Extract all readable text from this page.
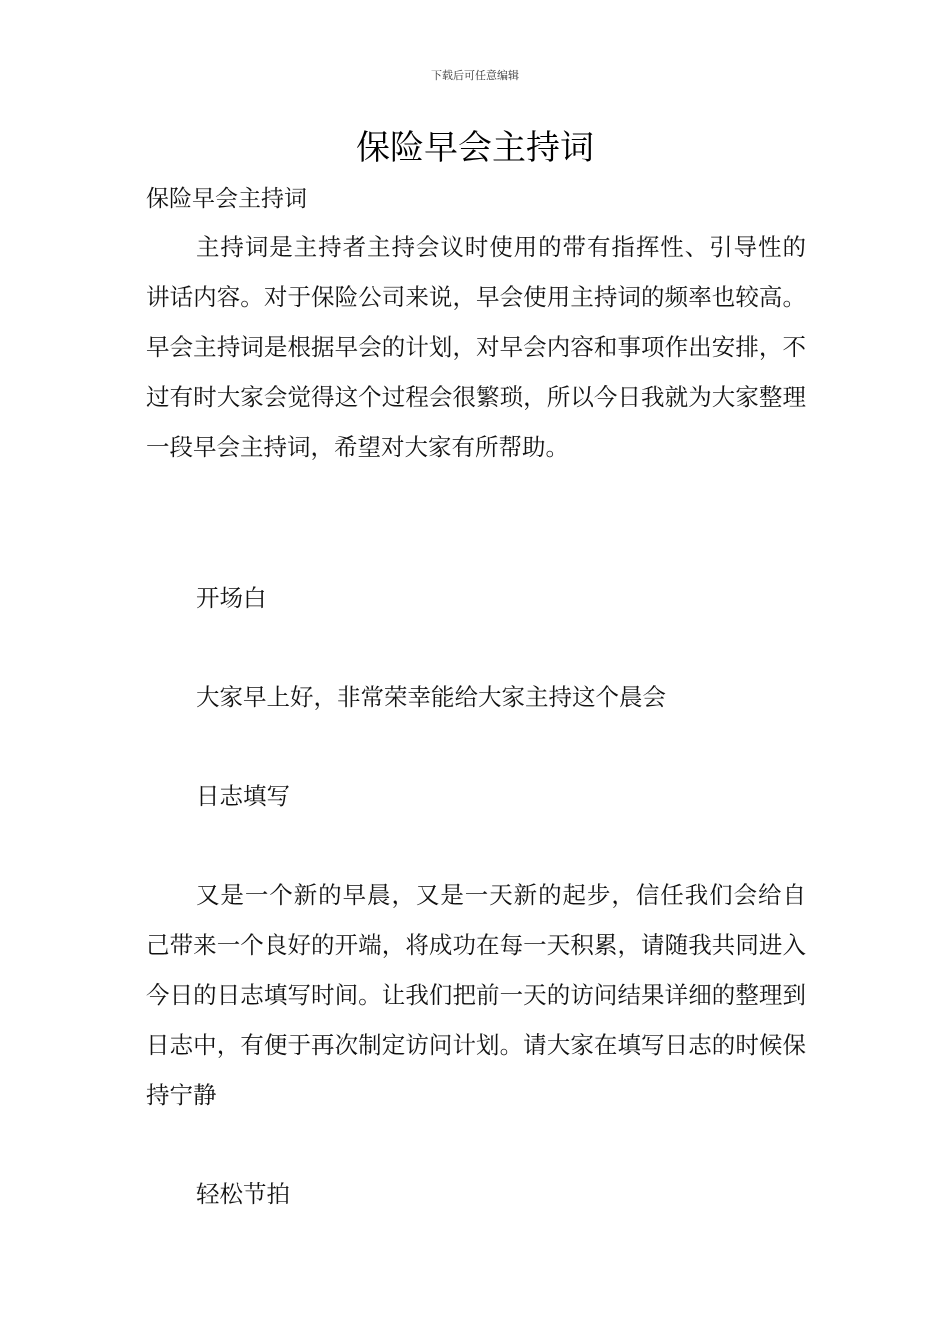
下载后可任意编辑
保险早会主持词
保险早会主持词

主持词是主持者主持会议时使用的带有指挥性、引导性的讲话内容。对于保险公司来说，早会使用主持词的频率也较高。早会主持词是根据早会的计划，对早会内容和事项作出安排，不过有时大家会觉得这个过程会很繁琐，所以今日我就为大家整理一段早会主持词，希望对大家有所帮助。

开场白
大家早上好，非常荣幸能给大家主持这个晨会
日志填写

又是一个新的早晨，又是一天新的起步，信任我们会给自己带来一个良好的开端，将成功在每一天积累，请随我共同进入今日的日志填写时间。让我们把前一天的访问结果详细的整理到日志中，有便于再次制定访问计划。请大家在填写日志的时候保持宁静

轻松节拍
